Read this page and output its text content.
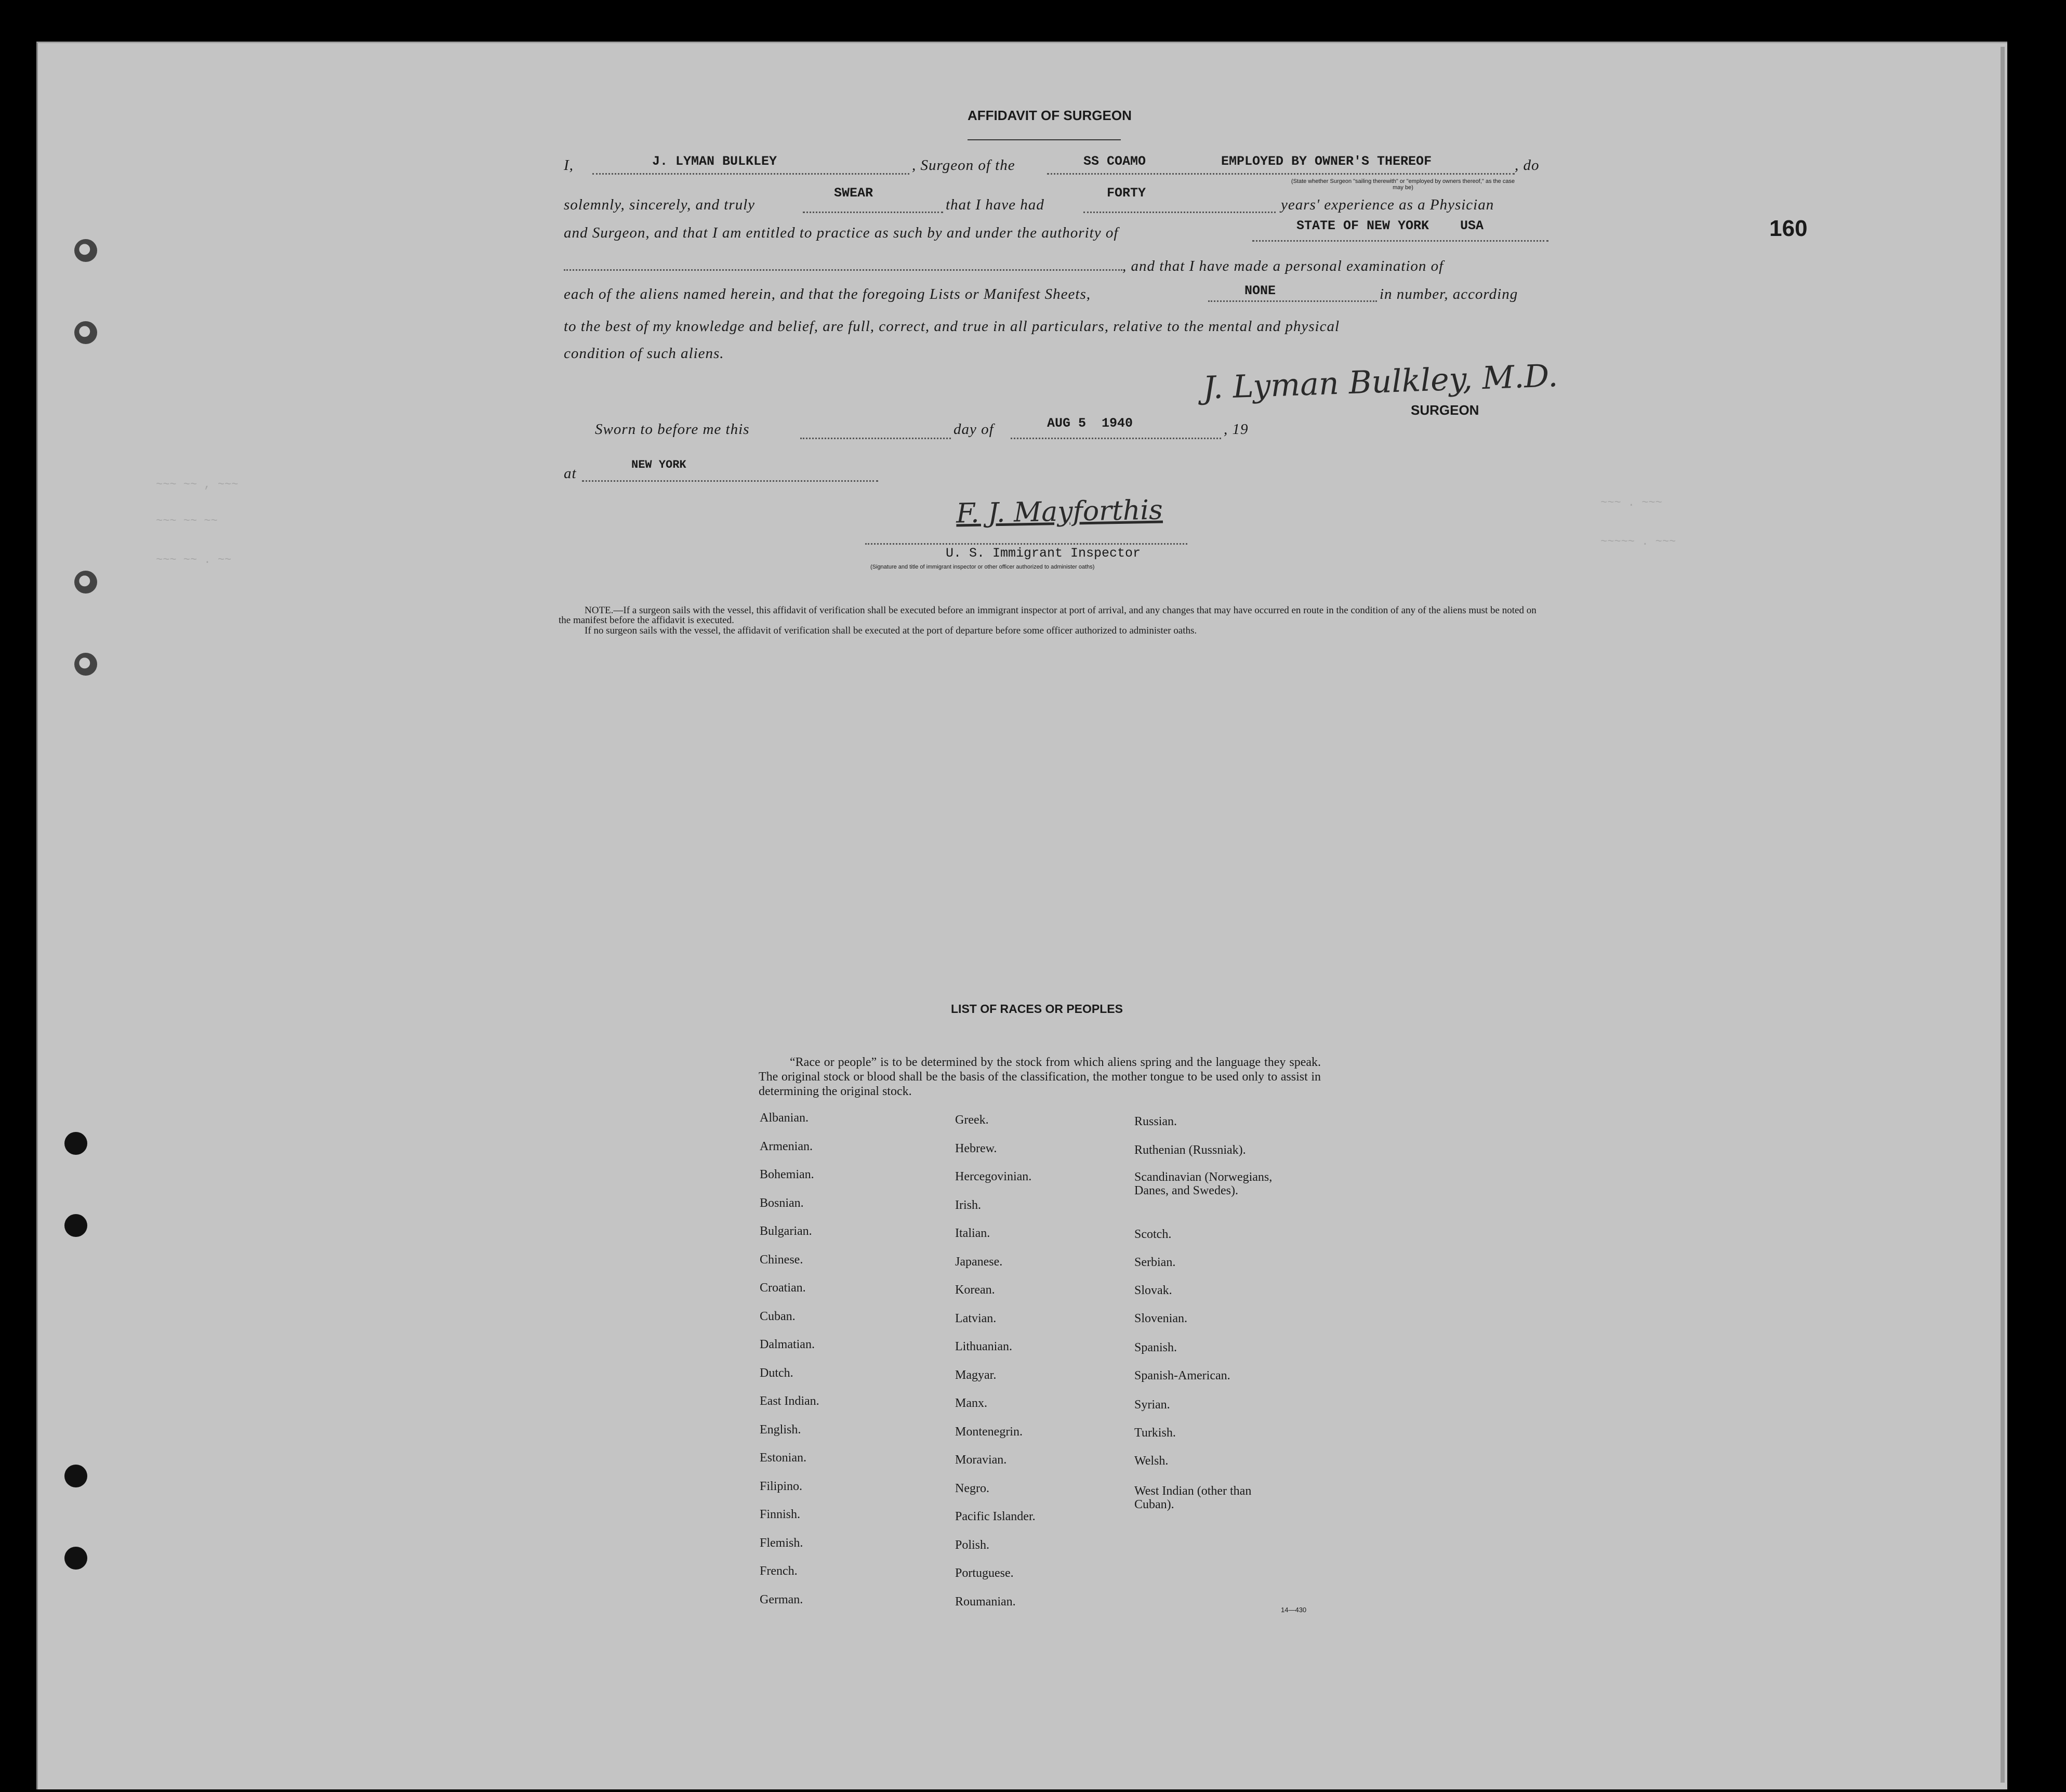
~~~ ~~ , ~~~
~~~ ~~ ~~
~~~ ~~ . ~~
~~~ . ~~~
~~~~~ . ~~~
160
AFFIDAVIT OF SURGEON
I,	J. LYMAN BULKLEY	, Surgeon of the	SS COAMO	EMPLOYED BY OWNER'S THEREOF	, do
(State whether Surgeon "sailing therewith" or "employed by owners thereof," as the case may be)
solemnly, sincerely, and truly
SWEAR
that I have had
FORTY
years' experience as a Physician
and Surgeon, and that I am entitled to practice as such by and under the authority of	STATE OF NEW YORK    USA
, and that I have made a personal examination of
each of the aliens named herein, and that the foregoing Lists or Manifest Sheets,	NONE	in number, according
to the best of my knowledge and belief, are full, correct, and true in all particulars, relative to the mental and physical
condition of such aliens.
J. Lyman Bulkley, M.D.
SURGEON
Sworn to before me this	day of	AUG 5  1940	, 19
at
NEW YORK
F. J. Mayforthis
U. S. Immigrant Inspector
(Signature and title of immigrant inspector or other officer authorized to administer oaths)
NOTE.—If a surgeon sails with the vessel, this affidavit of verification shall be executed before an immigrant inspector at port of arrival, and any changes that may have occurred en route in the condition of any of the aliens must be noted on the manifest before the affidavit is executed.
If no surgeon sails with the vessel, the affidavit of verification shall be executed at the port of departure before some officer authorized to administer oaths.
LIST OF RACES OR PEOPLES
“Race or people” is to be determined by the stock from which aliens spring and the language they speak. The original stock or blood shall be the basis of the classification, the mother tongue to be used only to assist in determining the original stock.
Albanian.
Armenian.
Bohemian.
Bosnian.
Bulgarian.
Chinese.
Croatian.
Cuban.
Dalmatian.
Dutch.
East Indian.
English.
Estonian.
Filipino.
Finnish.
Flemish.
French.
German.
Greek.
Hebrew.
Hercegovinian.
Irish.
Italian.
Japanese.
Korean.
Latvian.
Lithuanian.
Magyar.
Manx.
Montenegrin.
Moravian.
Negro.
Pacific Islander.
Polish.
Portuguese.
Roumanian.
Russian.
Ruthenian (Russniak).
Scandinavian (Norwegians,
Danes, and Swedes).
Scotch.
Serbian.
Slovak.
Slovenian.
Spanish.
Spanish-American.
Syrian.
Turkish.
Welsh.
West Indian (other than
Cuban).
14—430
